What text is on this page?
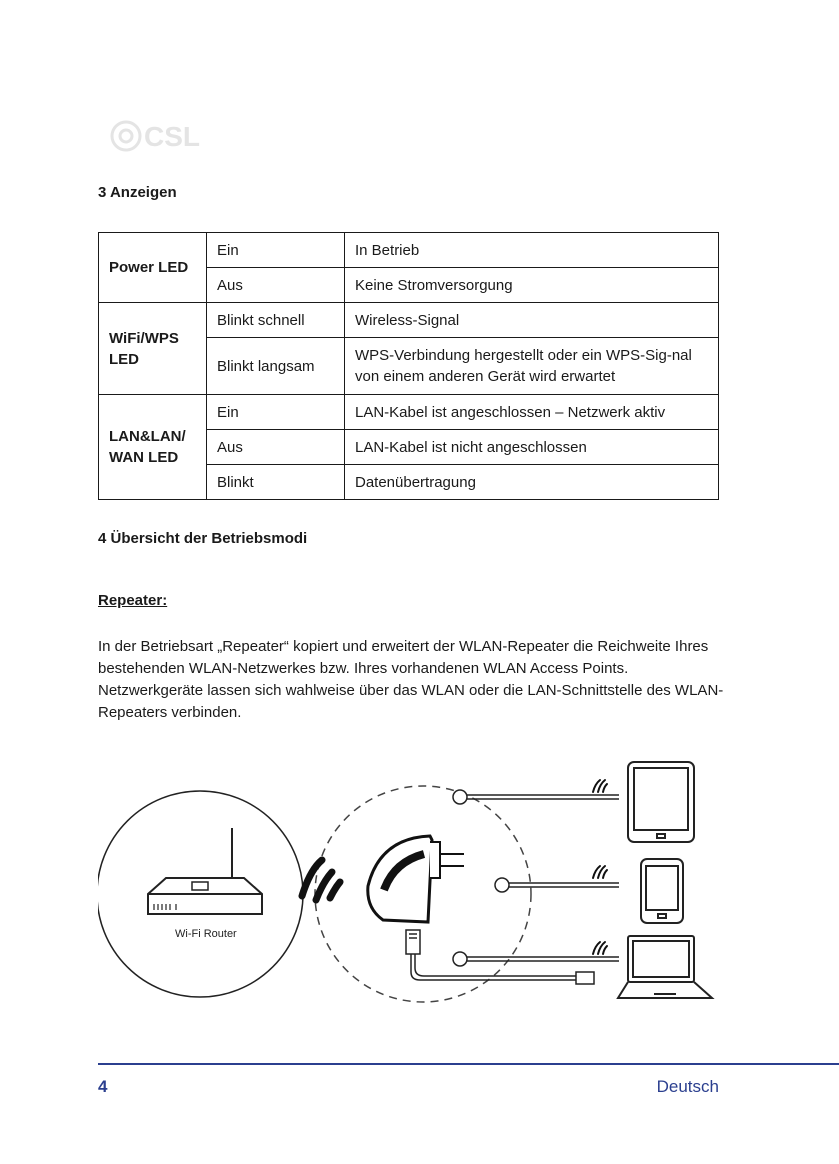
CSL
3 Anzeigen
Power LED	Ein	In Betrieb
	Aus	Keine Stromversorgung
WiFi/WPS LED	Blinkt schnell	Wireless-Signal
	Blinkt langsam	WPS-Verbindung hergestellt oder ein WPS-Sig-nal von einem anderen Gerät wird erwartet
LAN&LAN/ WAN LED	Ein	LAN-Kabel ist angeschlossen – Netzwerk aktiv
	Aus	LAN-Kabel ist nicht angeschlossen
	Blinkt	Datenübertragung
4 Übersicht der Betriebsmodi
Repeater:

In der Betriebsart „Repeater“ kopiert und erweitert der WLAN-Repeater die Reichweite Ihres bestehenden WLAN-Netzwerkes bzw. Ihres vorhandenen WLAN Access Points. Netzwerkgeräte lassen sich wahlweise über das WLAN oder die LAN-Schnittstelle des WLAN-Repeaters verbinden.

Wi-Fi Router
4	Deutsch
